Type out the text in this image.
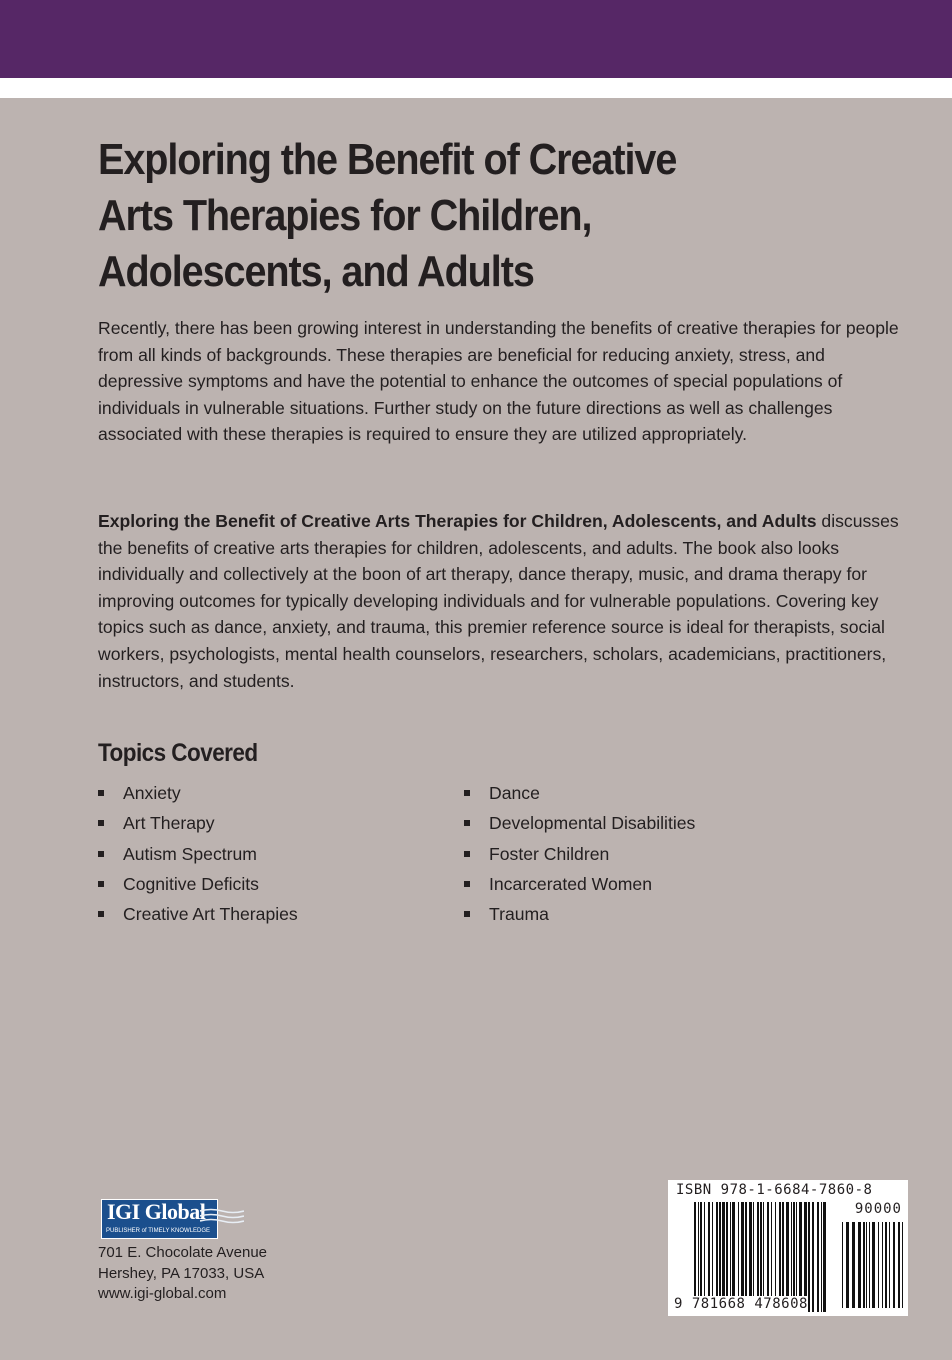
Exploring the Benefit of Creative
Arts Therapies for Children,
Adolescents, and Adults

Recently, there has been growing interest in understanding the benefits of creative therapies for people from all kinds of backgrounds. These therapies are beneficial for reducing anxiety, stress, and depressive symptoms and have the potential to enhance the outcomes of special populations of individuals in vulnerable situations. Further study on the future directions as well as challenges associated with these therapies is required to ensure they are utilized appropriately.

Exploring the Benefit of Creative Arts Therapies for Children, Adolescents, and Adults discusses the benefits of creative arts therapies for children, adolescents, and adults. The book also looks individually and collectively at the boon of art therapy, dance therapy, music, and drama therapy for improving outcomes for typically developing individuals and for vulnerable populations. Covering key topics such as dance, anxiety, and trauma, this premier reference source is ideal for therapists, social workers, psychologists, mental health counselors, researchers, scholars, academicians, practitioners, instructors, and students.

Topics Covered
Anxiety
Art Therapy
Autism Spectrum
Cognitive Deficits
Creative Art Therapies
Dance
Developmental Disabilities
Foster Children
Incarcerated Women
Trauma
IGI Global
PUBLISHER of TIMELY KNOWLEDGE
701 E. Chocolate Avenue
Hershey, PA 17033, USA
www.igi-global.com
ISBN 978-1-6684-7860-8
90000
9 781668 478608
